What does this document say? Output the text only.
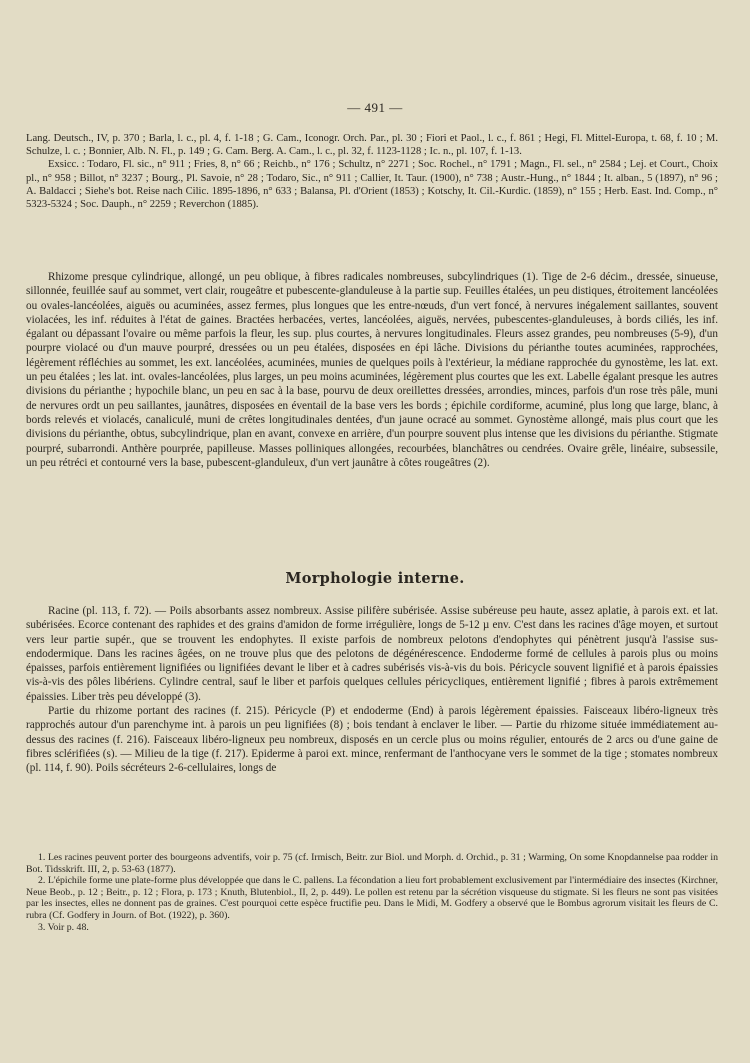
— 491 —

Lang. Deutsch., IV, p. 370 ; Barla, l. c., pl. 4, f. 1-18 ; G. Cam., Iconogr. Orch. Par., pl. 30 ; Fiori et Paol., l. c., f. 861 ; Hegi, Fl. Mittel-Europa, t. 68, f. 10 ; M. Schulze, l. c. ; Bonnier, Alb. N. Fl., p. 149 ; G. Cam. Berg. A. Cam., l. c., pl. 32, f. 1123-1128 ; Ic. n., pl. 107, f. 1-13.

Exsicc. : Todaro, Fl. sic., n° 911 ; Fries, 8, n° 66 ; Reichb., n° 176 ; Schultz, n° 2271 ; Soc. Rochel., n° 1791 ; Magn., Fl. sel., n° 2584 ; Lej. et Court., Choix pl., n° 958 ; Billot, n° 3237 ; Bourg., Pl. Savoie, n° 28 ; Todaro, Sic., n° 911 ; Callier, It. Taur. (1900), n° 738 ; Austr.-Hung., n° 1844 ; It. alban., 5 (1897), n° 96 ; A. Baldacci ; Siehe's bot. Reise nach Cilic. 1895-1896, n° 633 ; Balansa, Pl. d'Orient (1853) ; Kotschy, It. Cil.-Kurdic. (1859), n° 155 ; Herb. East. Ind. Comp., n° 5323-5324 ; Soc. Dauph., n° 2259 ; Reverchon (1885).

Rhizome presque cylindrique, allongé, un peu oblique, à fibres radicales nombreuses, subcylindriques (1). Tige de 2-6 décim., dressée, sinueuse, sillonnée, feuillée sauf au sommet, vert clair, rougeâtre et pubescente-glanduleuse à la partie sup. Feuilles étalées, un peu distiques, étroitement lancéolées ou ovales-lancéolées, aiguës ou acuminées, assez fermes, plus longues que les entre-nœuds, d'un vert foncé, à nervures inégalement saillantes, souvent violacées, les inf. réduites à l'état de gaines. Bractées herbacées, vertes, lancéolées, aiguës, nervées, pubescentes-glanduleuses, à bords ciliés, les inf. égalant ou dépassant l'ovaire ou même parfois la fleur, les sup. plus courtes, à nervures longitudinales. Fleurs assez grandes, peu nombreuses (5-9), d'un pourpre violacé ou d'un mauve pourpré, dressées ou un peu étalées, disposées en épi lâche. Divisions du périanthe toutes acuminées, rapprochées, légèrement réfléchies au sommet, les ext. lancéolées, acuminées, munies de quelques poils à l'extérieur, la médiane rapprochée du gynostème, les lat. ext. un peu étalées ; les lat. int. ovales-lancéolées, plus larges, un peu moins acuminées, légèrement plus courtes que les ext. Labelle égalant presque les autres divisions du périanthe ; hypochile blanc, un peu en sac à la base, pourvu de deux oreillettes dressées, arrondies, minces, parfois d'un rose très pâle, muni de nervures ordt un peu saillantes, jaunâtres, disposées en éventail de la base vers les bords ; épichile cordiforme, acuminé, plus long que large, blanc, à bords relevés et violacés, canaliculé, muni de crêtes longitudinales dentées, d'un jaune ocracé au sommet. Gynostème allongé, mais plus court que les divisions du périanthe, obtus, subcylindrique, plan en avant, convexe en arrière, d'un pourpre souvent plus intense que les divisions du périanthe. Stigmate pourpré, subarrondi. Anthère pourprée, papilleuse. Masses polliniques allongées, recourbées, blanchâtres ou cendrées. Ovaire grêle, linéaire, subsessile, un peu rétréci et contourné vers la base, pubescent-glanduleux, d'un vert jaunâtre à côtes rougeâtres (2).

Morphologie interne.

Racine (pl. 113, f. 72). — Poils absorbants assez nombreux. Assise pilifère subérisée. Assise subéreuse peu haute, assez aplatie, à parois ext. et lat. subérisées. Ecorce contenant des raphides et des grains d'amidon de forme irrégulière, longs de 5-12 µ env. C'est dans les racines d'âge moyen, et surtout vers leur partie supér., que se trouvent les endophytes. Il existe parfois de nombreux pelotons d'endophytes qui pénètrent jusqu'à l'assise sus-endodermique. Dans les racines âgées, on ne trouve plus que des pelotons de dégénérescence. Endoderme formé de cellules à parois plus ou moins épaisses, parfois entièrement lignifiées ou lignifiées devant le liber et à cadres subérisés vis-à-vis du bois. Péricycle souvent lignifié et à parois épaissies vis-à-vis des pôles libériens. Cylindre central, sauf le liber et parfois quelques cellules péricycliques, entièrement lignifié ; fibres à parois extrêmement épaissies. Liber très peu développé (3).

Partie du rhizome portant des racines (f. 215). Péricycle (P) et endoderme (End) à parois légèrement épaissies. Faisceaux libéro-ligneux très rapprochés autour d'un parenchyme int. à parois un peu lignifiées (8) ; bois tendant à enclaver le liber. — Partie du rhizome située immédiatement au-dessus des racines (f. 216). Faisceaux libéro-ligneux peu nombreux, disposés en un cercle plus ou moins régulier, entourés de 2 arcs ou d'une gaine de fibres sclérifiées (s). — Milieu de la tige (f. 217). Epiderme à paroi ext. mince, renfermant de l'anthocyane vers le sommet de la tige ; stomates nombreux (pl. 114, f. 90). Poils sécréteurs 2-6-cellulaires, longs de

1. Les racines peuvent porter des bourgeons adventifs, voir p. 75 (cf. Irmisch, Beitr. zur Biol. und Morph. d. Orchid., p. 31 ; Warming, On some Knopdannelse paa rodder in Bot. Tidsskrift. III, 2, p. 53-63 (1877).

2. L'épichile forme une plate-forme plus développée que dans le C. pallens. La fécondation a lieu fort probablement exclusivement par l'intermédiaire des insectes (Kirchner, Neue Beob., p. 12 ; Beitr., p. 12 ; Flora, p. 173 ; Knuth, Blutenbiol., II, 2, p. 449). Le pollen est retenu par la sécrétion visqueuse du stigmate. Si les fleurs ne sont pas visitées par les insectes, elles ne donnent pas de graines. C'est pourquoi cette espèce fructifie peu. Dans le Midi, M. Godfery a observé que le Bombus agrorum visitait les fleurs de C. rubra (Cf. Godfery in Journ. of Bot. (1922), p. 360).

3. Voir p. 48.
